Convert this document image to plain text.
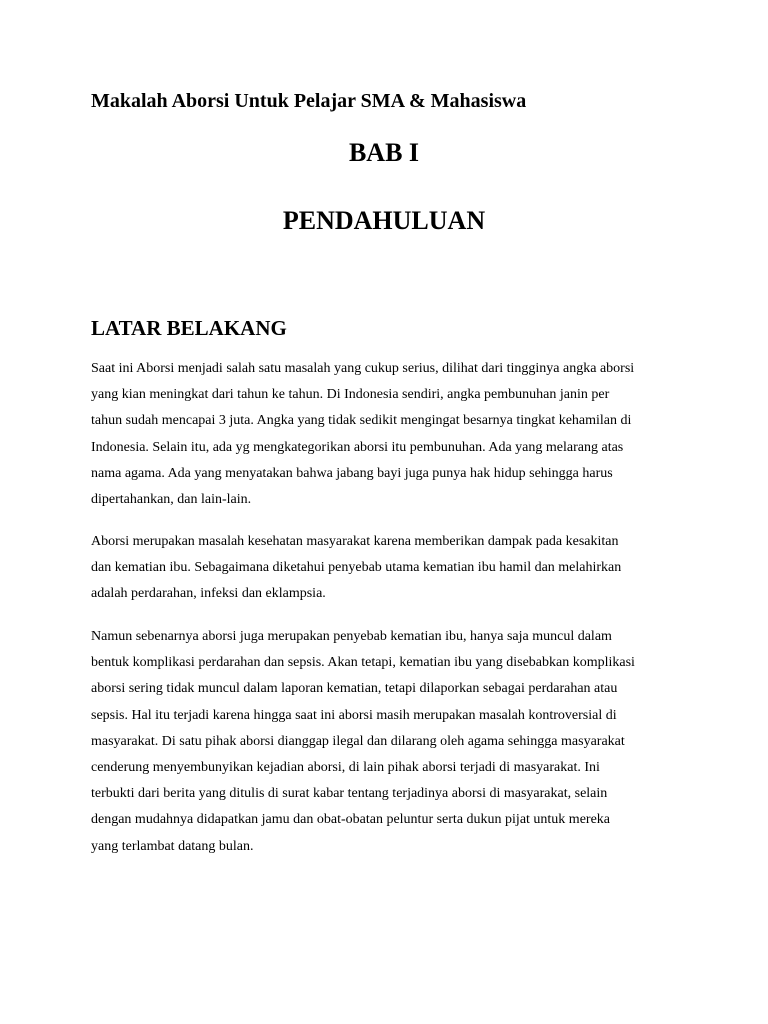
Makalah Aborsi Untuk Pelajar SMA & Mahasiswa
BAB I
PENDAHULUAN
LATAR BELAKANG
Saat ini Aborsi menjadi salah satu masalah yang cukup serius, dilihat dari tingginya angka aborsi
yang kian meningkat dari tahun ke tahun. Di Indonesia sendiri, angka pembunuhan janin per
tahun sudah mencapai 3 juta. Angka yang tidak sedikit mengingat besarnya tingkat kehamilan di
Indonesia. Selain itu, ada yg mengkategorikan aborsi itu pembunuhan. Ada yang melarang atas
nama agama. Ada yang menyatakan bahwa jabang bayi juga punya hak hidup sehingga harus
dipertahankan, dan lain-lain.
Aborsi merupakan masalah kesehatan masyarakat karena memberikan dampak pada kesakitan
dan kematian ibu. Sebagaimana diketahui penyebab utama kematian ibu hamil dan melahirkan
adalah perdarahan, infeksi dan eklampsia.
Namun sebenarnya aborsi juga merupakan penyebab kematian ibu, hanya saja muncul dalam
bentuk komplikasi perdarahan dan sepsis. Akan tetapi, kematian ibu yang disebabkan komplikasi
aborsi sering tidak muncul dalam laporan kematian, tetapi dilaporkan sebagai perdarahan atau
sepsis. Hal itu terjadi karena hingga saat ini aborsi masih merupakan masalah kontroversial di
masyarakat. Di satu pihak aborsi dianggap ilegal dan dilarang oleh agama sehingga masyarakat
cenderung menyembunyikan kejadian aborsi, di lain pihak aborsi terjadi di masyarakat. Ini
terbukti dari berita yang ditulis di surat kabar tentang terjadinya aborsi di masyarakat, selain
dengan mudahnya didapatkan jamu dan obat-obatan peluntur serta dukun pijat untuk mereka
yang terlambat datang bulan.
